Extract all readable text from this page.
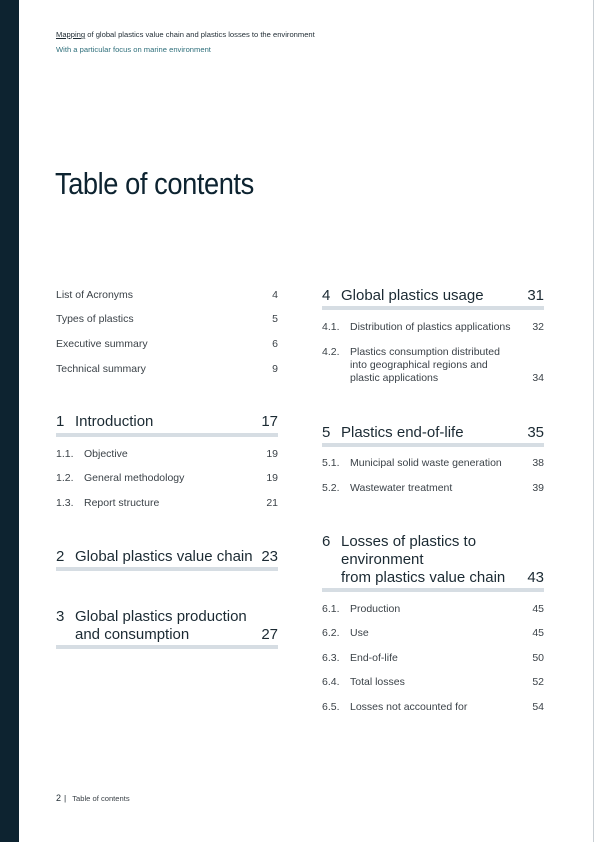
Mapping of global plastics value chain and plastics losses to the environment
With a particular focus on marine environment
Table of contents
List of Acronyms	4
Types of plastics	5
Executive summary	6
Technical summary	9
1 Introduction	17
1.1. Objective	19
1.2. General methodology	19
1.3. Report structure	21
2 Global plastics value chain 23
3 Global plastics production
and consumption	27
4 Global plastics usage	31
4.1. Distribution of plastics applications 32
4.2. Plastics consumption distributed
into geographical regions and
plastic applications	34
5 Plastics end-of-life	35
5.1. Municipal solid waste generation	38
5.2. Wastewater treatment	39
6 Losses of plastics to
environment
from plastics value chain 43
6.1. Production	45
6.2. Use	45
6.3. End-of-life	50
6.4. Total losses	52
6.5. Losses not accounted for	54
2 | Table of contents
